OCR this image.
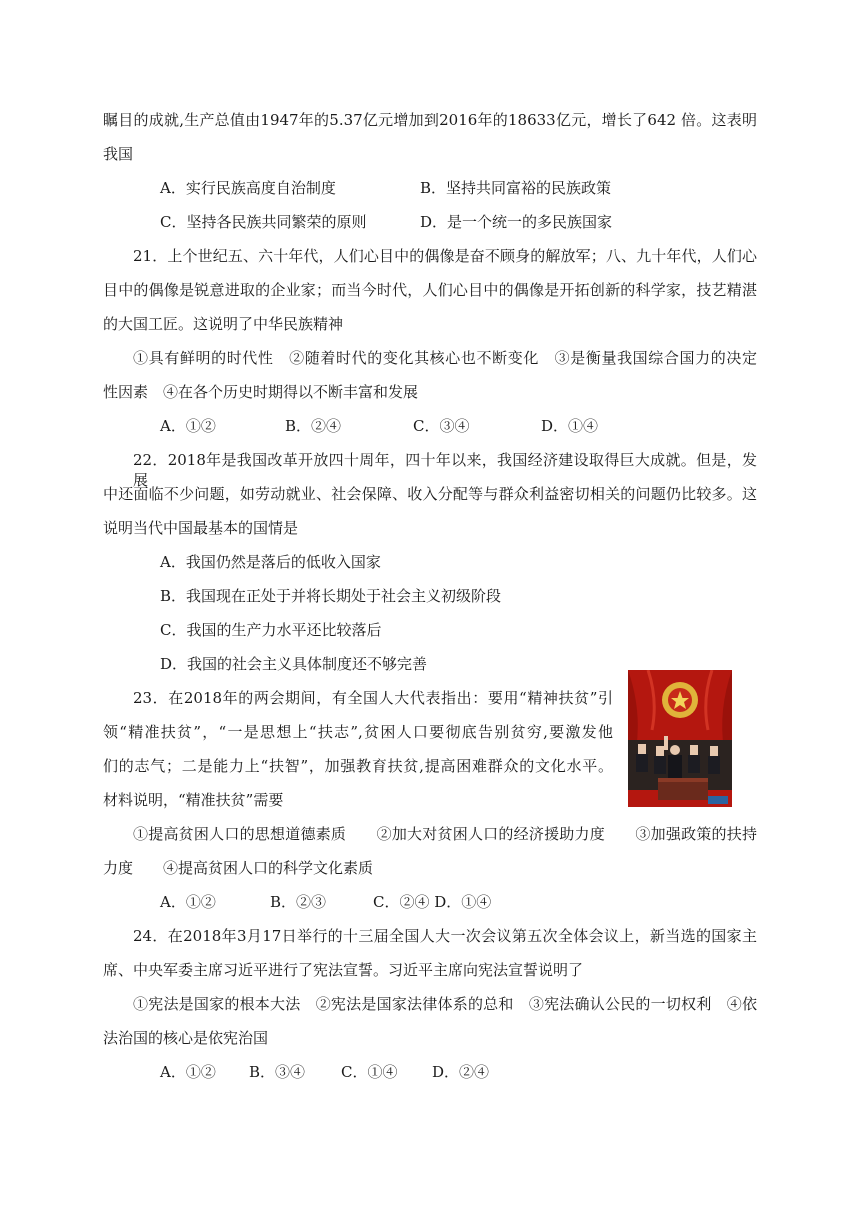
瞩目的成就,生产总值由1947年的5.37亿元增加到2016年的18633亿元，增长了642 倍。这表明
我国
A．实行民族高度自治制度	B．坚持共同富裕的民族政策
C．坚持各民族共同繁荣的原则	D．是一个统一的多民族国家
21．上个世纪五、六十年代，人们心目中的偶像是奋不顾身的解放军；八、九十年代，人们心
目中的偶像是锐意进取的企业家；而当今时代，人们心目中的偶像是开拓创新的科学家，技艺精湛
的大国工匠。这说明了中华民族精神
①具有鲜明的时代性　②随着时代的变化其核心也不断变化　③是衡量我国综合国力的决定
性因素　④在各个历史时期得以不断丰富和发展
A．①②	B．②④	C．③④	D．①④
22．2018年是我国改革开放四十周年，四十年以来，我国经济建设取得巨大成就。但是，发展
中还面临不少问题，如劳动就业、社会保障、收入分配等与群众利益密切相关的问题仍比较多。这
说明当代中国最基本的国情是
A．我国仍然是落后的低收入国家
B．我国现在正处于并将长期处于社会主义初级阶段
C．我国的生产力水平还比较落后
D．我国的社会主义具体制度还不够完善
23．在2018年的两会期间，有全国人大代表指出：要用“精神扶贫”引
领“精准扶贫”，“一是思想上“扶志”,贫困人口要彻底告别贫穷,要激发他
们的志气；二是能力上“扶智”，加强教育扶贫,提高困难群众的文化水平。
材料说明，“精准扶贫”需要
①提高贫困人口的思想道德素质　　②加大对贫困人口的经济援助力度　　③加强政策的扶持
力度　　④提高贫困人口的科学文化素质
A．①②	B．②③	C．②④ D．①④
24．在2018年3月17日举行的十三届全国人大一次会议第五次全体会议上，新当选的国家主
席、中央军委主席习近平进行了宪法宣誓。习近平主席向宪法宣誓说明了
①宪法是国家的根本大法　②宪法是国家法律体系的总和　③宪法确认公民的一切权利　④依
法治国的核心是依宪治国
A．①② B．③④ C．①④ D．②④
